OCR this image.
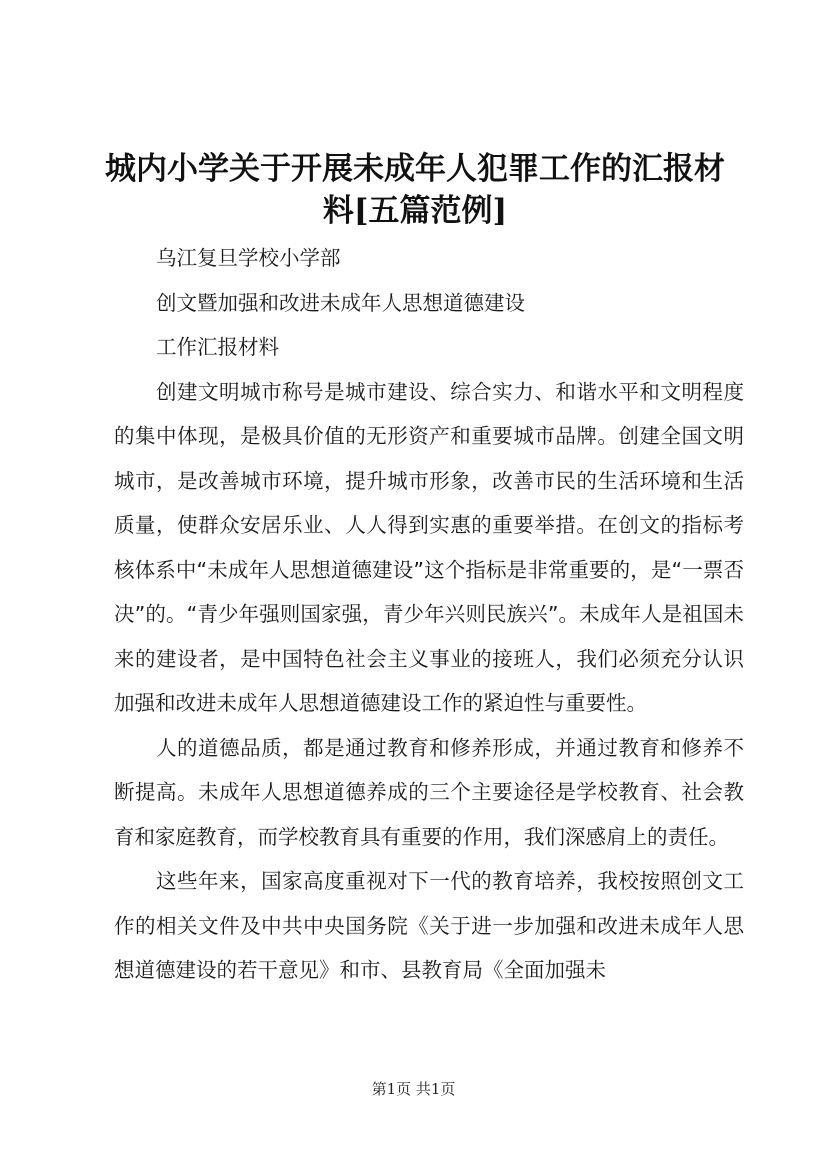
城内小学关于开展未成年人犯罪工作的汇报材料[五篇范例]

乌江复旦学校小学部

创文暨加强和改进未成年人思想道德建设

工作汇报材料

创建文明城市称号是城市建设、综合实力、和谐水平和文明程度的集中体现，是极具价值的无形资产和重要城市品牌。创建全国文明城市，是改善城市环境，提升城市形象，改善市民的生活环境和生活质量，使群众安居乐业、人人得到实惠的重要举措。在创文的指标考核体系中“未成年人思想道德建设”这个指标是非常重要的，是“一票否决”的。“青少年强则国家强，青少年兴则民族兴”。未成年人是祖国未来的建设者，是中国特色社会主义事业的接班人，我们必须充分认识加强和改进未成年人思想道德建设工作的紧迫性与重要性。

人的道德品质，都是通过教育和修养形成，并通过教育和修养不断提高。未成年人思想道德养成的三个主要途径是学校教育、社会教育和家庭教育，而学校教育具有重要的作用，我们深感肩上的责任。

这些年来，国家高度重视对下一代的教育培养，我校按照创文工作的相关文件及中共中央国务院《关于进一步加强和改进未成年人思想道德建设的若干意见》和市、县教育局《全面加强未

第1页 共1页
